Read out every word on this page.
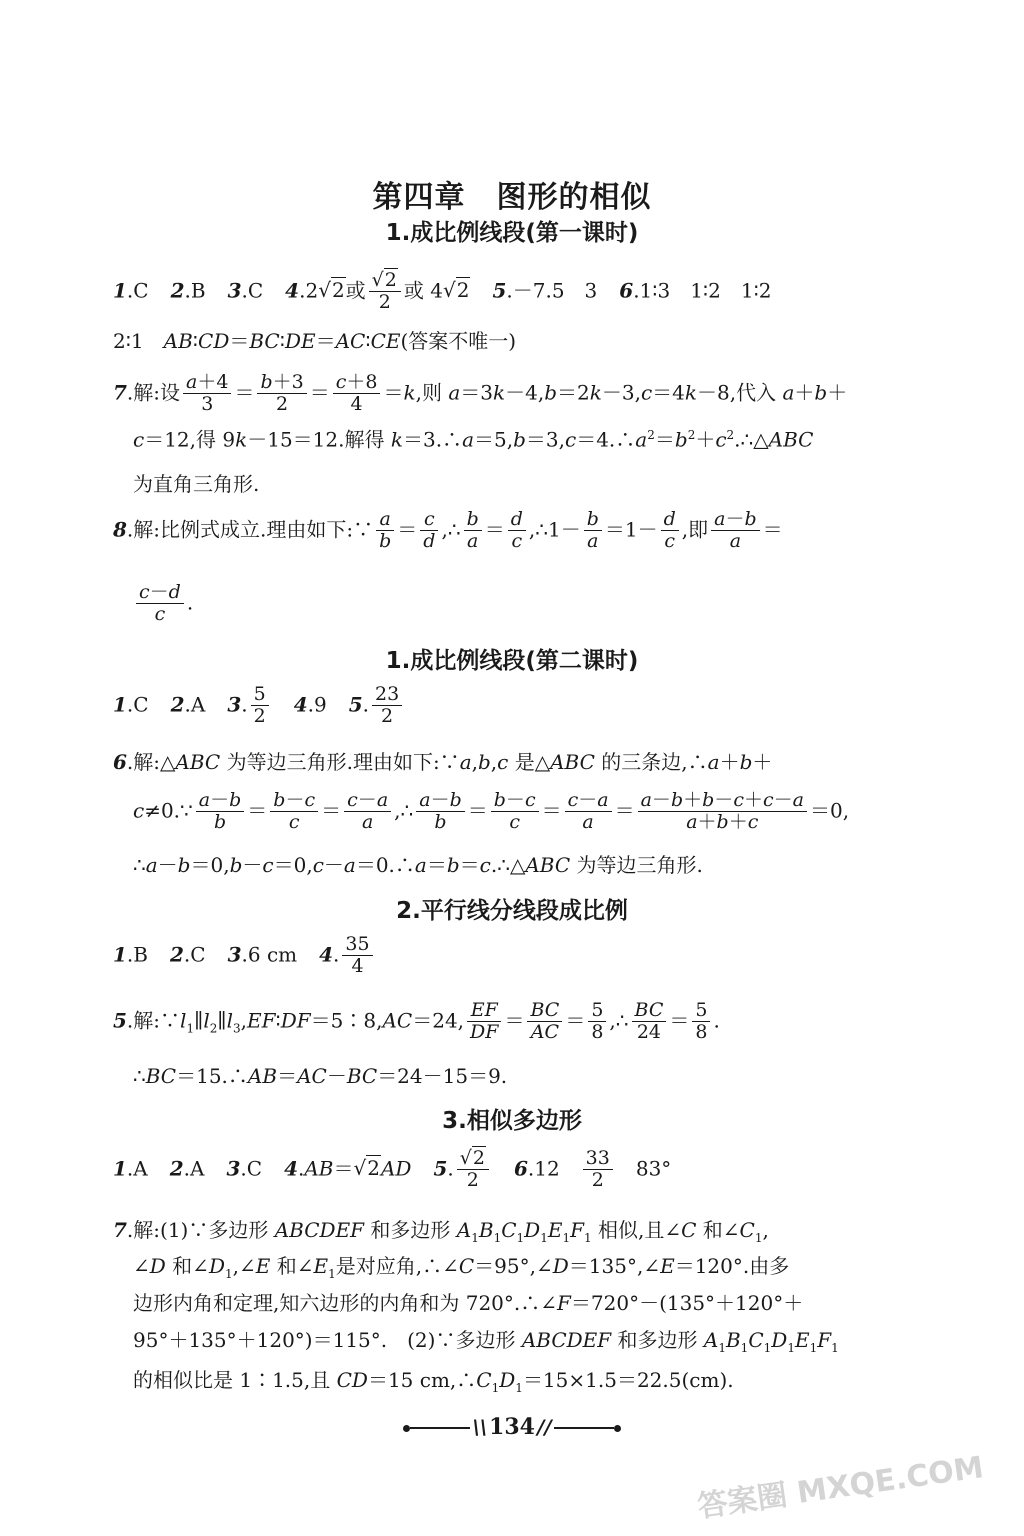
第四章　图形的相似
1.成比例线段(第一课时)
1.C 2.B 3.C 4.2√2或 $\frac{√2}{2}$ 或 4√2 5.－7.5　3 6.1∶3　1∶2　1∶2
2∶1　AB∶CD＝BC∶DE＝AC∶CE(答案不唯一)
7.解:设 $\frac{a+4}{3} = \frac{b+3}{2} = \frac{c+8}{4} =k$,则 a＝3k－4,b＝2k－3,c＝4k－8,代入 a＋b＋
c＝12,得 9k－15＝12.解得 $k=3.\therefore a=5,b=3,c=4.\therefore a^2=b^2+c^2.\therefore\triangle ABC$
为直角三角形.
8.解:比例式成立.理由如下:∵ $\frac{a}{b} = \frac{c}{d}$ ,∴ $\frac{b}{a} = \frac{d}{c}$ ,∴1－ $\frac{b}{a} =1- \frac{d}{c}$ ,即 $\frac{a-b}{a}$ ＝
$\frac{c-d}{c}$ .
1.成比例线段(第二课时)
1.C 2.A 3. $\frac{5}{2} 4.9$ 5. $\frac{23}{2}$
6.解:△ABC 为等边三角形.理由如下:∵a,b,c 是△ABC 的三条边,∴a＋b＋
c≠0.∵ $\frac{a-b}{b} = \frac{b-c}{c} = \frac{c-a}{a}$ ,∴ $\frac{a-b}{b} = \frac{b-c}{c} = \frac{c-a}{a} = \frac{a-b+b-c+c-a}{a+b+c} =0$,
∴a－b＝0,b－c＝0,c－a＝0.∴a＝b＝c.∴△ABC 为等边三角形.
2.平行线分线段成比例
1.B 2.C 3.6 cm 4. $\frac{35}{4}$
5.解$:\because l_1\parallel l_2\parallel l_3,EF∶DF=5∶8,AC=24$, $\frac{EF}{DF} = \frac{BC}{AC} = \frac{5}{8}$ ,∴ $\frac{BC}{24} = \frac{5}{8}$ .
∴BC＝15.∴AB＝AC－BC＝24－15＝9.
3.相似多边形
1.A 2.A 3.C 4.AB＝√2AD 5. $\frac{√2}{2} 6.12$　 $\frac{33}{2}$ 　83°
7.解:(1)∵多边形 ABCDEF 和多边形 $A_1B_1C_1D_1E_1F_1$ 相似,且∠C 和$\angle C_1$,
∠D 和$\angle D_1,\angle E$ 和$\angle E_1$是对应角,∴∠C＝95°,∠D＝135°,∠E＝120°.由多
边形内角和定理,知六边形的内角和为 720°.∴∠F＝720°－(135°＋120°＋
95°＋135°＋120°)＝115°.　(2)∵多边形 ABCDEF 和多边形 $A_1B_1C_1D_1E_1F_1$
的相似比是 1∶1.5,且 CD＝15 $cm,\therefore C_1D_1=15\times 1.5=22.5(cm)$.
\\134 //
答案圈 MXQE.COM
